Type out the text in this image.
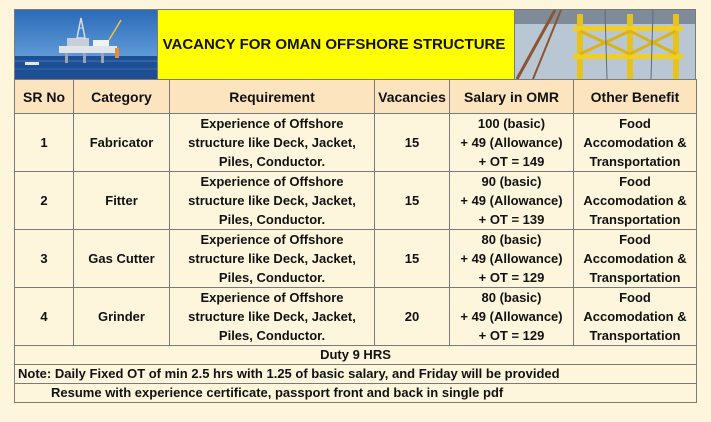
VACANCY FOR OMAN OFFSHORE STRUCTURE
SR No	Category	Requirement	Vacancies	Salary in OMR	Other Benefit
1	Fabricator	Experience of Offshore
structure like Deck, Jacket,
Piles, Conductor.	15	100 (basic)
+ 49 (Allowance)
+ OT = 149	Food
Accomodation &
Transportation

2	Fitter	Experience of Offshore
structure like Deck, Jacket,
Piles, Conductor.	15	90 (basic)
+ 49 (Allowance)
+ OT = 139	Food
Accomodation &
Transportation

3	Gas Cutter	Experience of Offshore
structure like Deck, Jacket,
Piles, Conductor.	15	80 (basic)
+ 49 (Allowance)
+ OT = 129	Food
Accomodation &
Transportation

4	Grinder	Experience of Offshore
structure like Deck, Jacket,
Piles, Conductor.	20	80 (basic)
+ 49 (Allowance)
+ OT = 129	Food
Accomodation &
Transportation

Duty 9 HRS					
Note: Daily Fixed OT of min 2.5 hrs with 1.25 of basic salary, and Friday will be provided					
Resume with experience certificate, passport front and back in single pdf					
